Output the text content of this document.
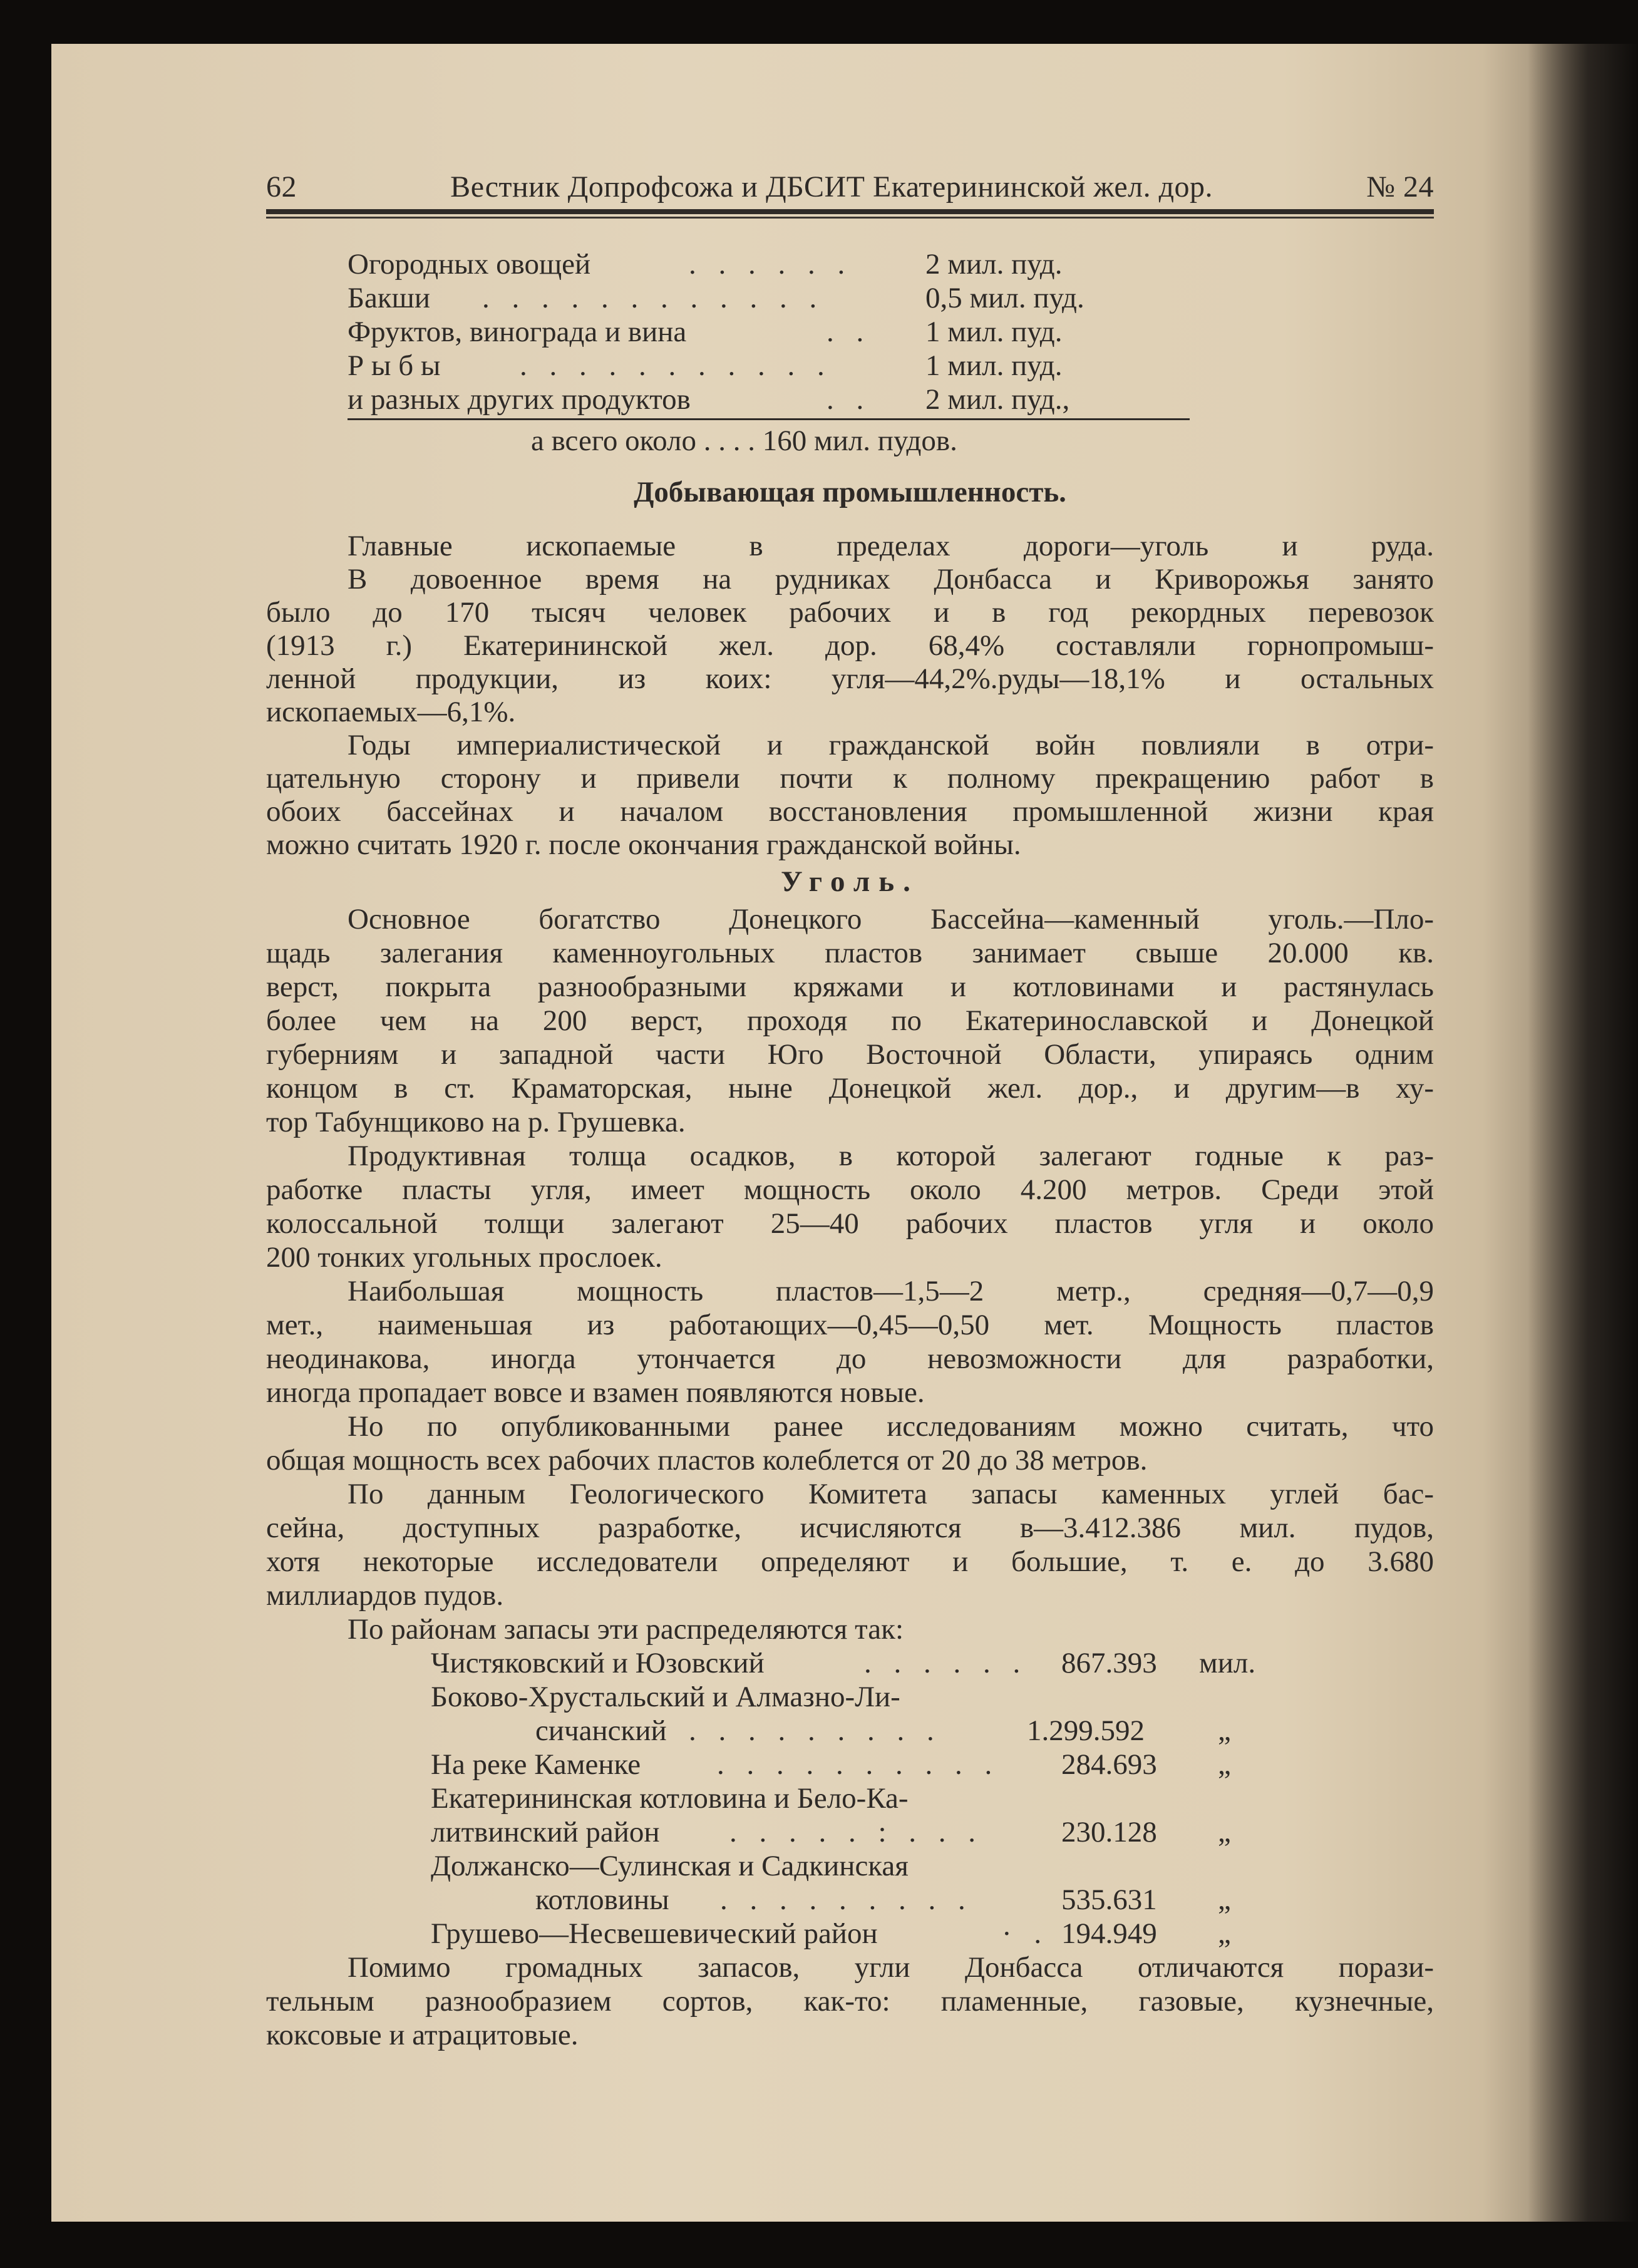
62	Вестник Допрофсожа и ДБСИТ Екатерининской жел. дор.	№ 24
Огородных овощей	. . . . . . 2 мил. пуд.
Бакши . . . . . . . . . . . .	0,5 мил. пуд.
Фруктов, винограда и вина	. . 1 мил. пуд.
Р ы б ы	. . . . . . . . . . .	1 мил. пуд.
и разных других продуктов	. . 2 мил. пуд.,
а всего около . . . . 160 мил. пудов.
Добывающая промышленность.
Главные ископаемые в пределах дороги—уголь и руда.
В довоенное время на рудниках Донбасса и Криворожья занято
было до 170 тысяч человек рабочих и в год рекордных перевозок
(1913 г.) Екатерининской жел. дор. 68,4% составляли горнопромыш-
ленной продукции, из коих: угля—44,2%.руды—18,1% и остальных
ископаемых—6,1%.
Годы империалистической и гражданской войн повлияли в отри-
цательную сторону и привели почти к полному прекращению работ в
обоих бассейнах и началом восстановления промышленной жизни края
можно считать 1920 г. после окончания гражданской войны.
Уголь.
Основное богатство Донецкого Бассейна—каменный уголь.—Пло-
щадь залегания каменноугольных пластов занимает свыше 20.000 кв.
верст, покрыта разнообразными кряжами и котловинами и растянулась
более чем на 200 верст, проходя по Екатеринославской и Донецкой
губерниям и западной части Юго Восточной Области, упираясь одним
концом в ст. Краматорская, ныне Донецкой жел. дор., и другим—в ху-
тор Табунщиково на р. Грушевка.
Продуктивная толща осадков, в которой залегают годные к раз-
работке пласты угля, имеет мощность около 4.200 метров. Среди этой
колоссальной толщи залегают 25—40 рабочих пластов угля и около
200 тонких угольных прослоек.
Наибольшая мощность пластов—1,5—2 метр., средняя—0,7—0,9
мет., наименьшая из работающих—0,45—0,50 мет. Мощность пластов
неодинакова, иногда утончается до невозможности для разработки,
иногда пропадает вовсе и взамен появляются новые.
Но по опубликованными ранее исследованиям можно считать, что
общая мощность всех рабочих пластов колеблется от 20 до 38 метров.
По данным Геологического Комитета запасы каменных углей бас-
сейна, доступных разработке, исчисляются в—3.412.386 мил. пудов,
хотя некоторые исследователи определяют и большие, т. е. до 3.680
миллиардов пудов.
По районам запасы эти распределяются так:
Чистяковский и Юзовский	. . . . . . 867.393 мил.
Боково-Хрустальский и Алмазно-Ли-
сичанский . . . . . . . . .	1.299.592 „
На реке Каменке	. . . . . . . . . . 284.693 „
Екатерининская котловина и Бело-Ка-
литвинский район . . . . . : . . .	230.128 „
Должанско—Сулинская и Садкинская
котловины . . . . . . . . .	535.631 „
Грушево—Несвешевический район	· . 194.949 „
Помимо громадных запасов, угли Донбасса отличаются порази-
тельным разнообразием сортов, как-то: пламенные, газовые, кузнечные,
коксовые и атрацитовые.
